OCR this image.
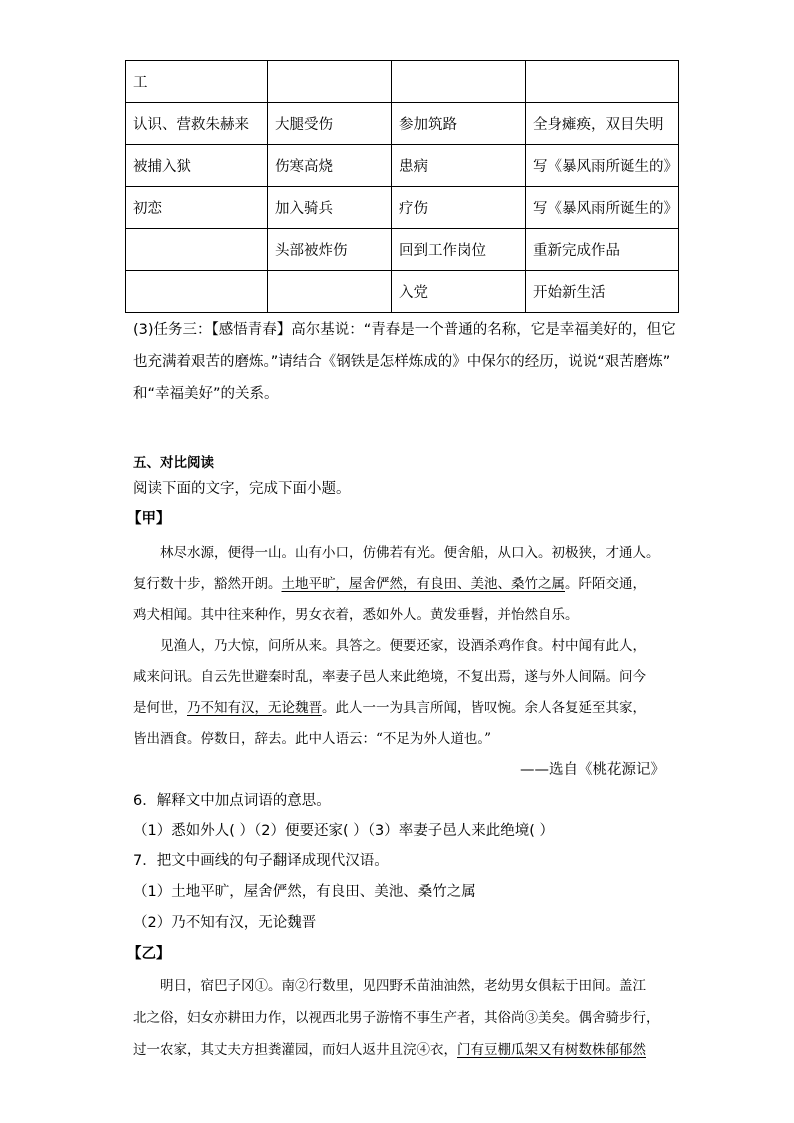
工			
认识、营救朱赫来	大腿受伤	参加筑路	全身瘫痪，双目失明
被捕入狱	伤寒高烧	患病	写《暴风雨所诞生的》
初恋	加入骑兵	疗伤	写《暴风雨所诞生的》
	头部被炸伤	回到工作岗位	重新完成作品
		入党	开始新生活
(3)任务三：【感悟青春】高尔基说：“青春是一个普通的名称，它是幸福美好的，但它
也充满着艰苦的磨炼。”请结合《钢铁是怎样炼成的》中保尔的经历，说说“艰苦磨炼”
和“幸福美好”的关系。
五、对比阅读
阅读下面的文字，完成下面小题。
【甲】
林尽水源，便得一山。山有小口，仿佛若有光。便舍船，从口入。初极狭，才通人。
复行数十步，豁然开朗。土地平旷，屋舍俨然，有良田、美池、桑竹之属。阡陌交通，
鸡犬相闻。其中往来种作，男女衣着，悉如外人。黄发垂髫，并怡然自乐。
见渔人，乃大惊，问所从来。具答之。便要还家，设酒杀鸡作食。村中闻有此人，
咸来问讯。自云先世避秦时乱，率妻子邑人来此绝境，不复出焉，遂与外人间隔。问今
是何世，乃不知有汉，无论魏晋。此人一一为具言所闻，皆叹惋。余人各复延至其家，
皆出酒食。停数日，辞去。此中人语云：“不足为外人道也。”
——选自《桃花源记》
6．解释文中加点词语的意思。
（1）悉如外人( ）（2）便要还家( ）（3）率妻子邑人来此绝境( ）
7．把文中画线的句子翻译成现代汉语。
（1）土地平旷，屋舍俨然，有良田、美池、桑竹之属
（2）乃不知有汉，无论魏晋
【乙】
明日，宿巴子冈①。南②行数里，见四野禾苗油油然，老幼男女俱耘于田间。盖江
北之俗，妇女亦耕田力作，以视西北男子游惰不事生产者，其俗尚③美矣。偶舍骑步行，
过一农家，其丈夫方担粪灌园，而妇人返井且浣④衣，门有豆棚瓜架又有树数株郁郁然
